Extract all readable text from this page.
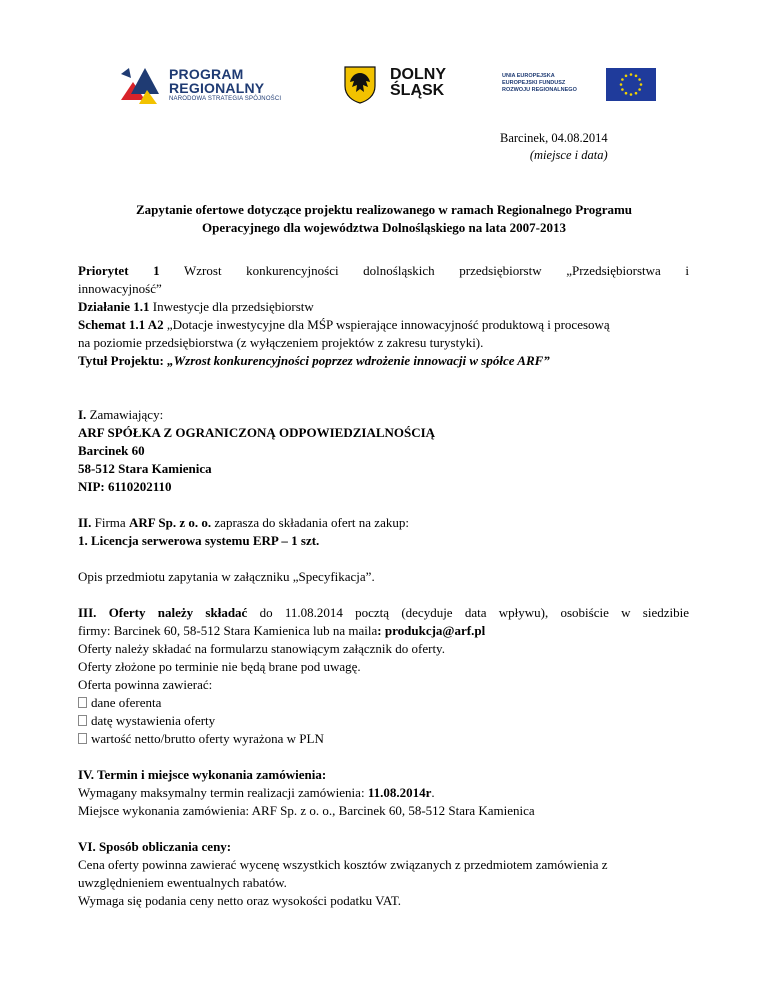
PROGRAM
REGIONALNY
NARODOWA STRATEGIA SPÓJNOŚCI
DOLNY
ŚLĄSK
UNIA EUROPEJSKA
EUROPEJSKI FUNDUSZ
ROZWOJU REGIONALNEGO
Barcinek, 04.08.2014
(miejsce i data)
Zapytanie ofertowe dotyczące projektu realizowanego w ramach Regionalnego Programu
Operacyjnego dla województwa Dolnośląskiego na lata 2007-2013

Priorytet 1 Wzrost konkurencyjności dolnośląskich przedsiębiorstw „Przedsiębiorstwa i

innowacyjność”

Działanie 1.1 Inwestycje dla przedsiębiorstw

Schemat 1.1 A2 „Dotacje inwestycyjne dla MŚP wspierające innowacyjność produktową i procesową

na poziomie przedsiębiorstwa (z wyłączeniem projektów z zakresu turystyki).

Tytuł Projektu: „Wzrost konkurencyjności poprzez wdrożenie innowacji w spółce ARF”

I. Zamawiający:

ARF SPÓŁKA Z OGRANICZONĄ ODPOWIEDZIALNOŚCIĄ

Barcinek 60

58-512 Stara Kamienica

NIP: 6110202110

II. Firma ARF Sp. z o. o. zaprasza do składania ofert na zakup:

1. Licencja serwerowa systemu ERP – 1 szt.

Opis przedmiotu zapytania w załączniku „Specyfikacja”.

III. Oferty należy składać do 11.08.2014 pocztą (decyduje data wpływu), osobiście w siedzibie

firmy: Barcinek 60, 58-512 Stara Kamienica lub na maila: produkcja@arf.pl

Oferty należy składać na formularzu stanowiącym załącznik do oferty.

Oferty złożone po terminie nie będą brane pod uwagę.

Oferta powinna zawierać:

dane oferenta

datę wystawienia oferty

wartość netto/brutto oferty wyrażona w PLN

IV. Termin i miejsce wykonania zamówienia:

Wymagany maksymalny termin realizacji zamówienia: 11.08.2014r.

Miejsce wykonania zamówienia: ARF Sp. z o. o., Barcinek 60, 58-512 Stara Kamienica

VI. Sposób obliczania ceny:

Cena oferty powinna zawierać wycenę wszystkich kosztów związanych z przedmiotem zamówienia z

uwzględnieniem ewentualnych rabatów.

Wymaga się podania ceny netto oraz wysokości podatku VAT.
